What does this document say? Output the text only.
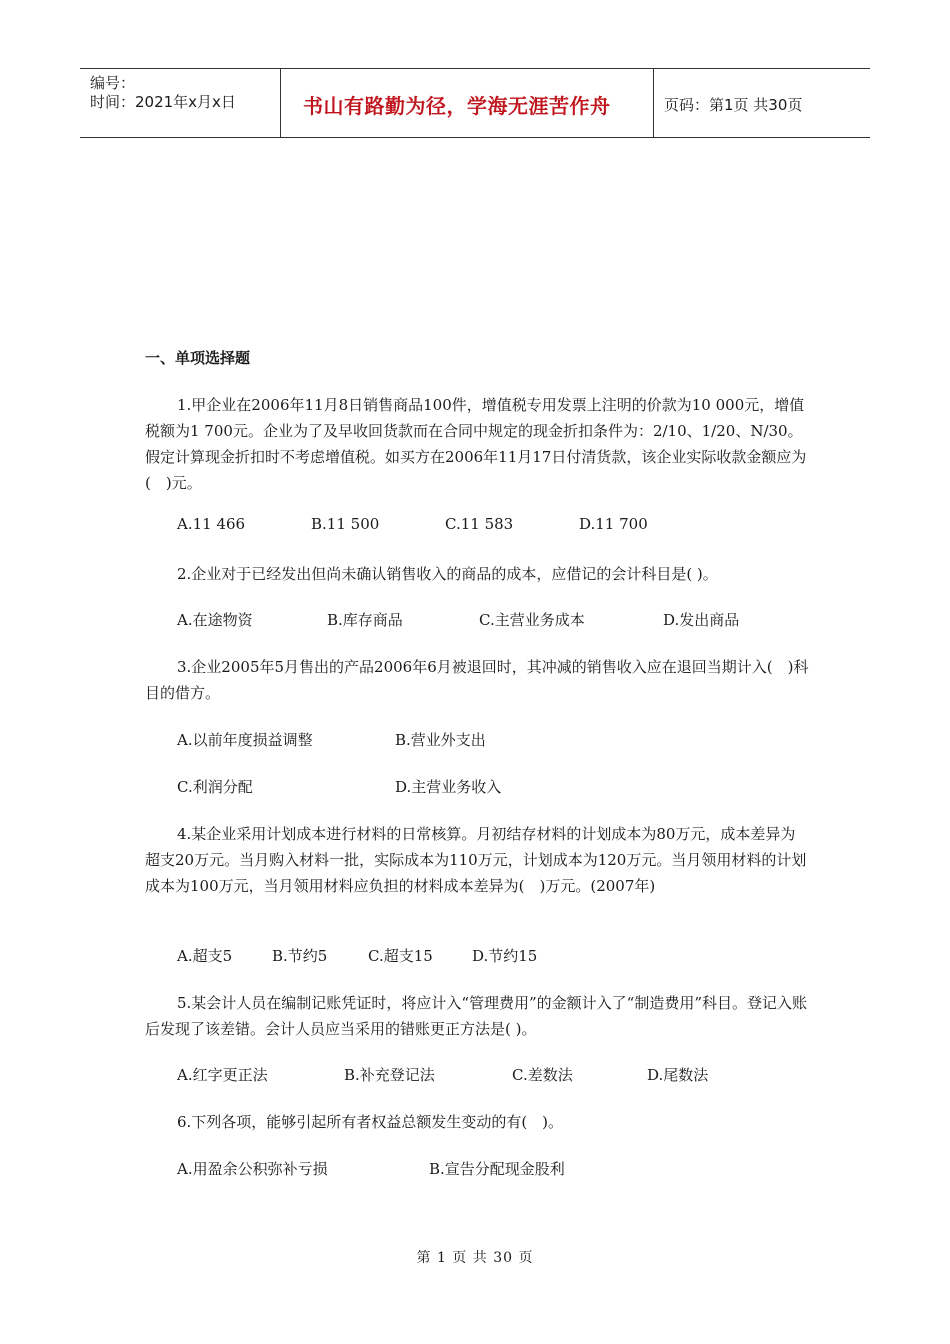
编号：
时间：2021年x月x日	书山有路勤为径，学海无涯苦作舟	页码：第1页 共30页
一、单项选择题
1.甲企业在2006年11月8日销售商品100件，增值税专用发票上注明的价款为10 000元，增值税额为1 700元。企业为了及早收回货款而在合同中规定的现金折扣条件为：2/10、1/20、N/30。假定计算现金折扣时不考虑增值税。如买方在2006年11月17日付清货款，该企业实际收款金额应为(　)元。
A.11 466	B.11 500	C.11 583	D.11 700
2.企业对于已经发出但尚未确认销售收入的商品的成本，应借记的会计科目是( )。
A.在途物资	B.库存商品	C.主营业务成本	D.发出商品
3.企业2005年5月售出的产品2006年6月被退回时，其冲减的销售收入应在退回当期计入(　)科目的借方。
A.以前年度损益调整	B.营业外支出
C.利润分配	D.主营业务收入
4.某企业采用计划成本进行材料的日常核算。月初结存材料的计划成本为80万元，成本差异为超支20万元。当月购入材料一批，实际成本为110万元，计划成本为120万元。当月领用材料的计划成本为100万元，当月领用材料应负担的材料成本差异为(　)万元。(2007年)
A.超支5	B.节约5	C.超支15	D.节约15
5.某会计人员在编制记账凭证时，将应计入“管理费用”的金额计入了“制造费用”科目。登记入账后发现了该差错。会计人员应当采用的错账更正方法是( )。
A.红字更正法	B.补充登记法	C.差数法	D.尾数法
6.下列各项，能够引起所有者权益总额发生变动的有(　)。
A.用盈余公积弥补亏损	B.宣告分配现金股利
第 1 页 共 30 页
